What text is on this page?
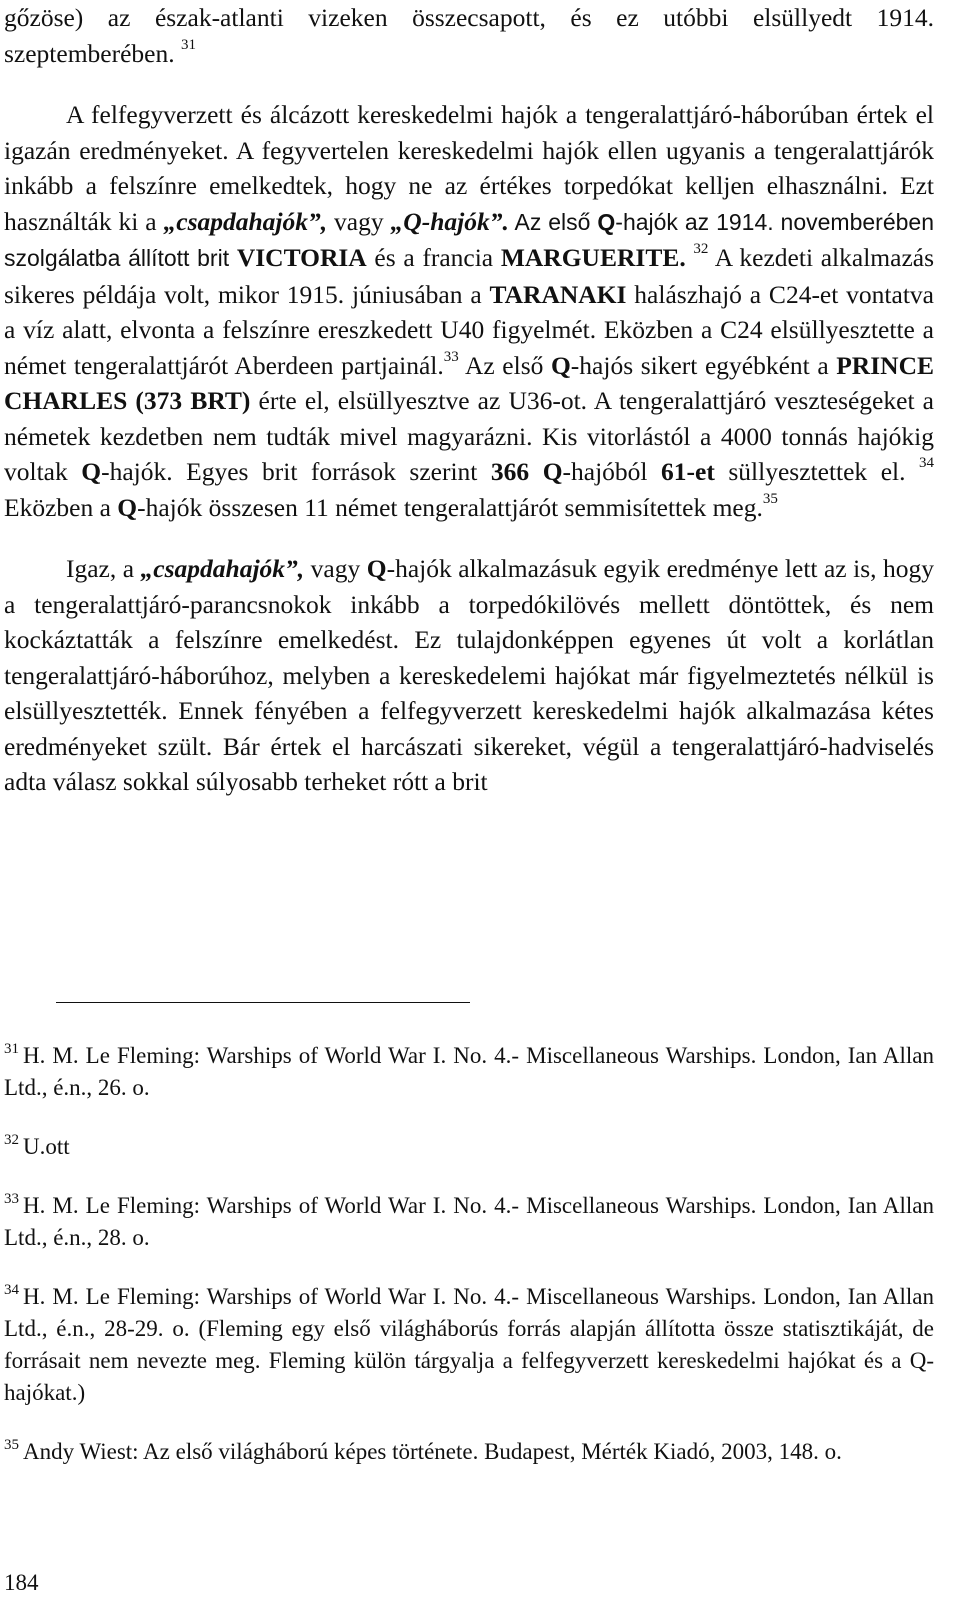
gőzöse) az észak-atlanti vizeken összecsapott, és ez utóbbi elsüllyedt 1914. szeptemberében. $^{31}$

A felfegyverzett és álcázott kereskedelmi hajók a tengeralattjáró-háborúban értek el igazán eredményeket. A fegyvertelen kereskedelmi hajók ellen ugyanis a tengeralattjárók inkább a felszínre emelkedtek, hogy ne az értékes torpedókat kelljen elhasználni. Ezt használták ki a „csapdahajók”, vagy „Q-hajók”. Az első Q-hajók az 1914. novemberében szolgálatba állított brit VICTORIA és a francia MARGUERITE. $^{32}$ A kezdeti alkalmazás sikeres példája volt, mikor 1915. júniusában a TARANAKI halászhajó a C24-et vontatva a víz alatt, elvonta a felszínre ereszkedett U40 figyelmét. Eközben a C24 elsüllyesztette a német tengeralattjárót Aberdeen partjainál.$^{33}$ Az első Q-hajós sikert egyébként a PRINCE CHARLES (373 BRT) érte el, elsüllyesztve az U36-ot. A tengeralattjáró veszteségeket a németek kezdetben nem tudták mivel magyarázni. Kis vitorlástól a 4000 tonnás hajókig voltak Q-hajók. Egyes brit források szerint 366 Q-hajóból 61-et süllyesztettek el. $^{34}$ Eközben a Q-hajók összesen 11 német tengeralattjárót semmisítettek meg.$^{35}$

Igaz, a „csapdahajók”, vagy Q-hajók alkalmazásuk egyik eredménye lett az is, hogy a tengeralattjáró-parancsnokok inkább a torpedókilövés mellett döntöttek, és nem kockáztatták a felszínre emelkedést. Ez tulajdonképpen egyenes út volt a korlátlan tengeralattjáró-háborúhoz, melyben a kereskedelemi hajókat már figyelmeztetés nélkül is elsüllyesztették. Ennek fényében a felfegyverzett kereskedelmi hajók alkalmazása kétes eredményeket szült. Bár értek el harcászati sikereket, végül a tengeralattjáró-hadviselés adta válasz sokkal súlyosabb terheket rótt a brit

$^{31}$ H. M. Le Fleming: Warships of World War I. No. 4.- Miscellaneous Warships. London, Ian Allan Ltd., é.n., 26. o.

$^{32}$ U.ott

$^{33}$ H. M. Le Fleming: Warships of World War I. No. 4.- Miscellaneous Warships. London, Ian Allan Ltd., é.n., 28. o.

$^{34}$ H. M. Le Fleming: Warships of World War I. No. 4.- Miscellaneous Warships. London, Ian Allan Ltd., é.n., 28-29. o. (Fleming egy első világháborús forrás alapján állította össze statisztikáját, de forrásait nem nevezte meg. Fleming külön tárgyalja a felfegyverzett kereskedelmi hajókat és a Q-hajókat.)

$^{35}$ Andy Wiest: Az első világháború képes története. Budapest, Mérték Kiadó, 2003, 148. o.

184
